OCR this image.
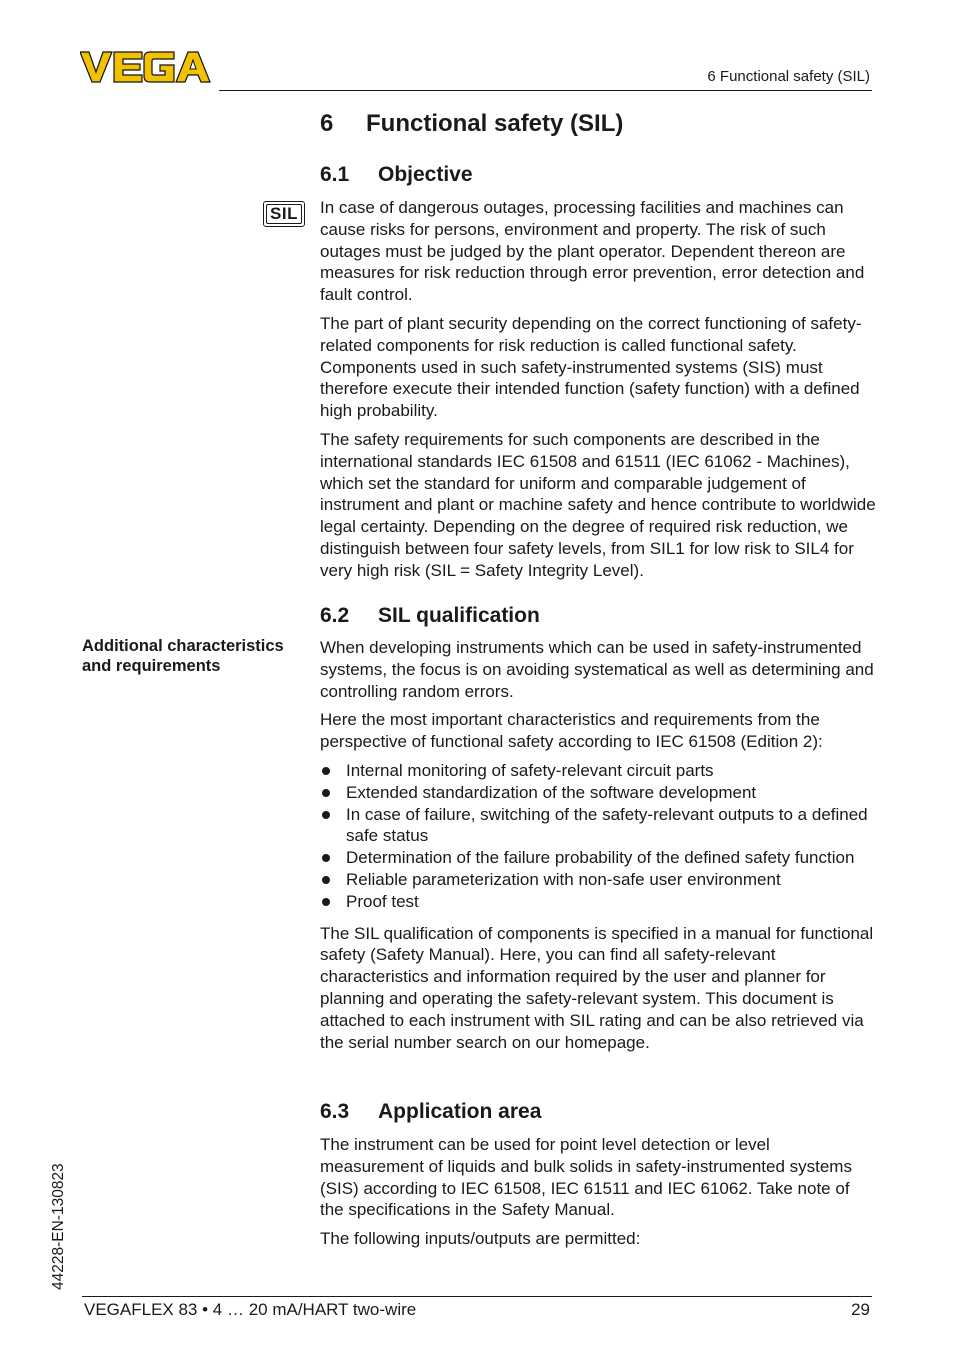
6 Functional safety (SIL)
6 Functional safety (SIL)
6.1 Objective
SIL In case of dangerous outages, processing facilities and machines can cause risks for persons, environment and property. The risk of such outages must be judged by the plant operator. Dependent thereon are measures for risk reduction through error prevention, error detection and fault control.

The part of plant security depending on the correct functioning of safety-related components for risk reduction is called functional safety. Components used in such safety-instrumented systems (SIS) must therefore execute their intended function (safety function) with a defined high probability.

The safety requirements for such components are described in the international standards IEC 61508 and 61511 (IEC 61062 - Machines), which set the standard for uniform and comparable judgement of instrument and plant or machine safety and hence contribute to worldwide legal certainty. Depending on the degree of required risk reduction, we distinguish between four safety levels, from SIL1 for low risk to SIL4 for very high risk (SIL = Safety Integrity Level).

6.2 SIL qualification
Additional characteristics and requirements

When developing instruments which can be used in safety-instrumented systems, the focus is on avoiding systematical as well as determining and controlling random errors.

Here the most important characteristics and requirements from the perspective of functional safety according to IEC 61508 (Edition 2):

Internal monitoring of safety-relevant circuit parts
Extended standardization of the software development
In case of failure, switching of the safety-relevant outputs to a defined safe status
Determination of the failure probability of the defined safety function
Reliable parameterization with non-safe user environment
Proof test

The SIL qualification of components is specified in a manual for functional safety (Safety Manual). Here, you can find all safety-relevant characteristics and information required by the user and planner for planning and operating the safety-relevant system. This document is attached to each instrument with SIL rating and can be also retrieved via the serial number search on our homepage.

6.3 Application area

The instrument can be used for point level detection or level measurement of liquids and bulk solids in safety-instrumented systems (SIS) according to IEC 61508, IEC 61511 and IEC 61062. Take note of the specifications in the Safety Manual.

The following inputs/outputs are permitted:

44228-EN-130823
VEGAFLEX 83 • 4 … 20 mA/HART two-wire	29
